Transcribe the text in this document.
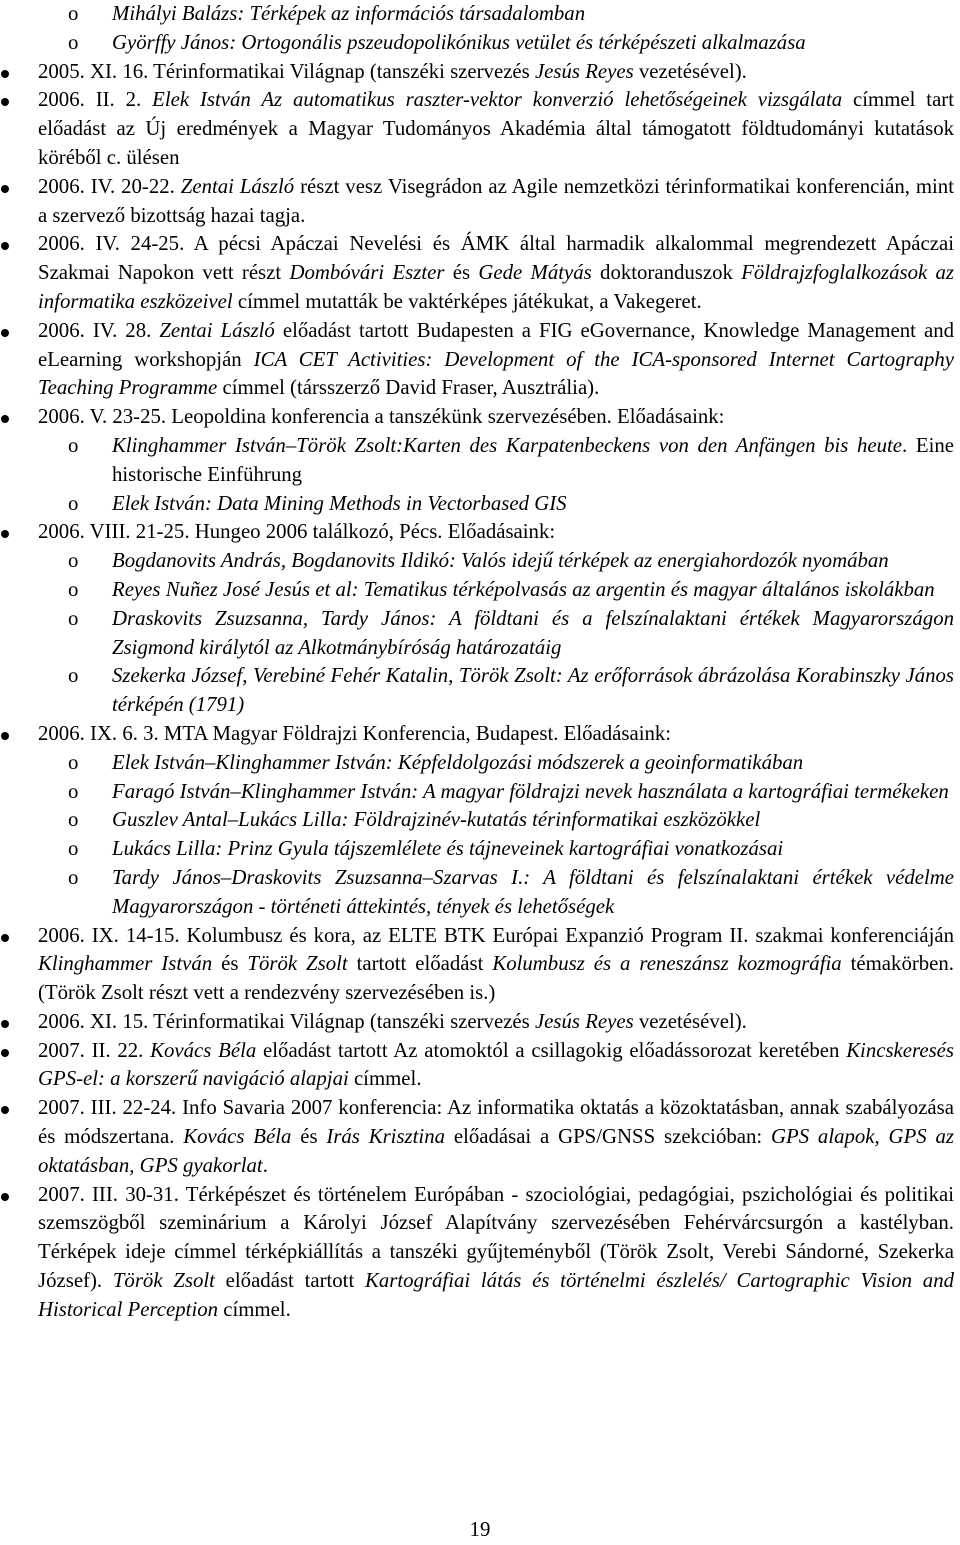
o Mihályi Balázs: Térképek az információs társadalomban
o Györffy János: Ortogonális pszeudopolikónikus vetület és térképészeti alkalmazása
2005. XI. 16. Térinformatikai Világnap (tanszéki szervezés Jesús Reyes vezetésével).
2006. II. 2. Elek István Az automatikus raszter-vektor konverzió lehetőségeinek vizsgálata címmel tart előadást az Új eredmények a Magyar Tudományos Akadémia által támogatott földtudományi kutatások köréből c. ülésen
2006. IV. 20-22. Zentai László részt vesz Visegrádon az Agile nemzetközi térinformatikai konferencián, mint a szervező bizottság hazai tagja.
2006. IV. 24-25. A pécsi Apáczai Nevelési és ÁMK által harmadik alkalommal megrendezett Apáczai Szakmai Napokon vett részt Dombóvári Eszter és Gede Mátyás doktoranduszok Földrajzfoglalkozások az informatika eszközeivel címmel mutatták be vaktérképes játékukat, a Vakegeret.
2006. IV. 28. Zentai László előadást tartott Budapesten a FIG eGovernance, Knowledge Management and eLearning workshopján ICA CET Activities: Development of the ICA-sponsored Internet Cartography Teaching Programme címmel (társszerző David Fraser, Ausztrália).
2006. V. 23-25. Leopoldina konferencia a tanszékünk szervezésében. Előadásaink:
o Klinghammer István–Török Zsolt:Karten des Karpatenbeckens von den Anfängen bis heute. Eine historische Einführung
o Elek István: Data Mining Methods in Vectorbased GIS
2006. VIII. 21-25. Hungeo 2006 találkozó, Pécs. Előadásaink:
o Bogdanovits András, Bogdanovits Ildikó: Valós idejű térképek az energiahordozók nyomában
o Reyes Nuñez José Jesús et al: Tematikus térképolvasás az argentin és magyar általános iskolákban
o Draskovits Zsuzsanna, Tardy János: A földtani és a felszínalaktani értékek Magyarországon Zsigmond királytól az Alkotmánybíróság határozatáig
o Szekerka József, Verebiné Fehér Katalin, Török Zsolt: Az erőforrások ábrázolása Korabinszky János térképén (1791)
2006. IX. 6. 3. MTA Magyar Földrajzi Konferencia, Budapest. Előadásaink:
o Elek István–Klinghammer István: Képfeldolgozási módszerek a geoinformatikában
o Faragó István–Klinghammer István: A magyar földrajzi nevek használata a kartográfiai termékeken
o Guszlev Antal–Lukács Lilla: Földrajzinév-kutatás térinformatikai eszközökkel
o Lukács Lilla: Prinz Gyula tájszemlélete és tájneveinek kartográfiai vonatkozásai
o Tardy János–Draskovits Zsuzsanna–Szarvas I.: A földtani és felszínalaktani értékek védelme Magyarországon - történeti áttekintés, tények és lehetőségek
2006. IX. 14-15. Kolumbusz és kora, az ELTE BTK Európai Expanzió Program II. szakmai konferenciáján Klinghammer István és Török Zsolt tartott előadást Kolumbusz és a reneszánsz kozmográfia témakörben. (Török Zsolt részt vett a rendezvény szervezésében is.)
2006. XI. 15. Térinformatikai Világnap (tanszéki szervezés Jesús Reyes vezetésével).
2007. II. 22. Kovács Béla előadást tartott Az atomoktól a csillagokig előadássorozat keretében Kincskeresés GPS-el: a korszerű navigáció alapjai címmel.
2007. III. 22-24. Info Savaria 2007 konferencia: Az informatika oktatás a közoktatásban, annak szabályozása és módszertana. Kovács Béla és Irás Krisztina előadásai a GPS/GNSS szekcióban: GPS alapok, GPS az oktatásban, GPS gyakorlat.
2007. III. 30-31. Térképészet és történelem Európában - szociológiai, pedagógiai, pszichológiai és politikai szemszögből szeminárium a Károlyi József Alapítvány szervezésében Fehérvárcsurgón a kastélyban. Térképek ideje címmel térképkiállítás a tanszéki gyűjteményből (Török Zsolt, Verebi Sándorné, Szekerka József). Török Zsolt előadást tartott Kartográfiai látás és történelmi észlelés/ Cartographic Vision and Historical Perception címmel.
19
